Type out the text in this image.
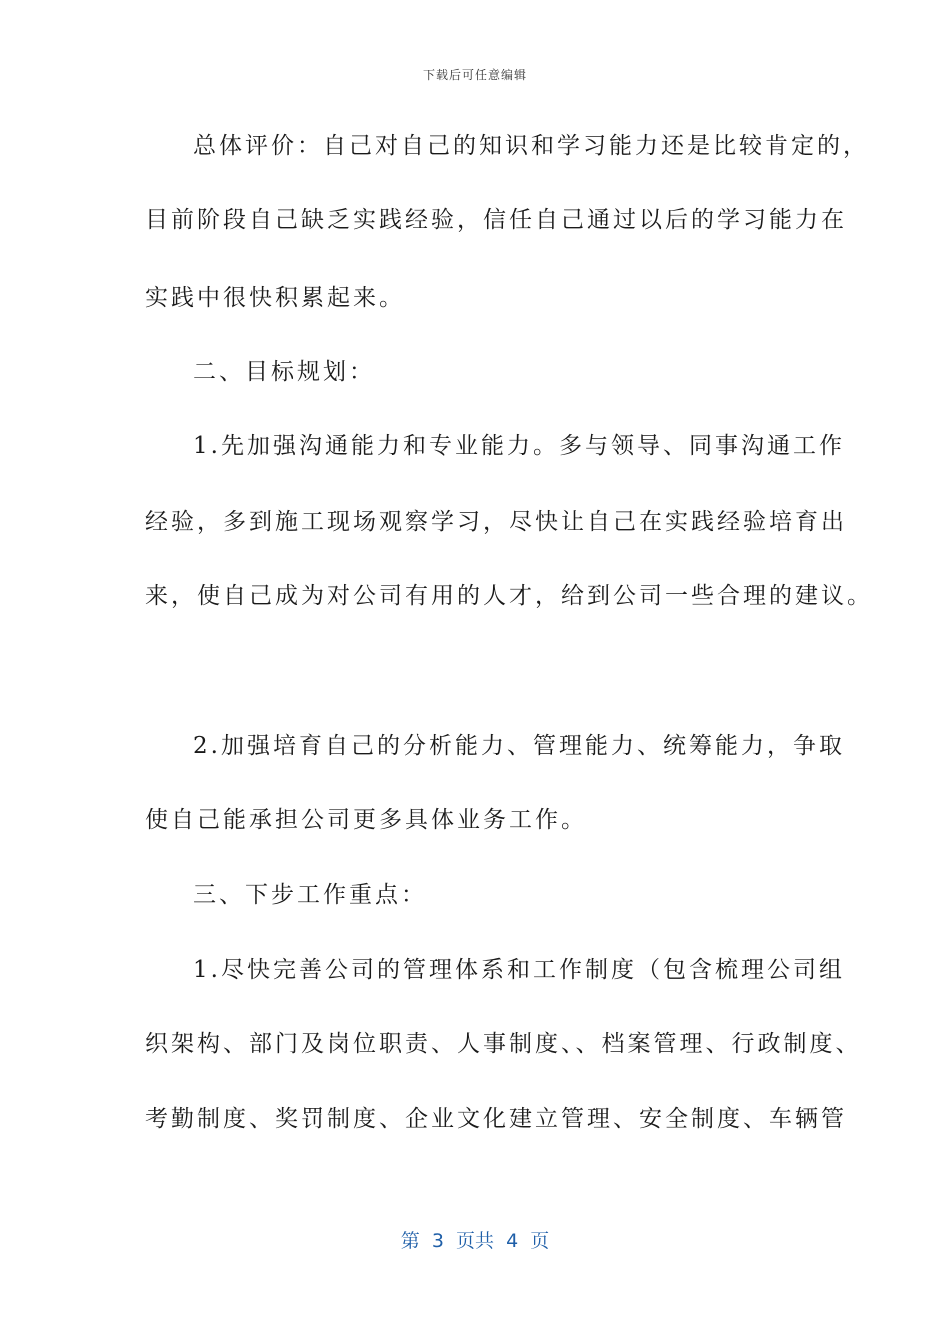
下载后可任意编辑
总体评价：自己对自己的知识和学习能力还是比较肯定的，
目前阶段自己缺乏实践经验，信任自己通过以后的学习能力在
实践中很快积累起来。
二、目标规划：
1.先加强沟通能力和专业能力。多与领导、同事沟通工作
经验，多到施工现场观察学习，尽快让自己在实践经验培育出
来，使自己成为对公司有用的人才，给到公司一些合理的建议。
2.加强培育自己的分析能力、管理能力、统筹能力，争取
使自己能承担公司更多具体业务工作。
三、下步工作重点：
1.尽快完善公司的管理体系和工作制度（包含梳理公司组
织架构、部门及岗位职责、人事制度、、档案管理、行政制度、
考勤制度、奖罚制度、企业文化建立管理、安全制度、车辆管
第  3  页共  4  页
